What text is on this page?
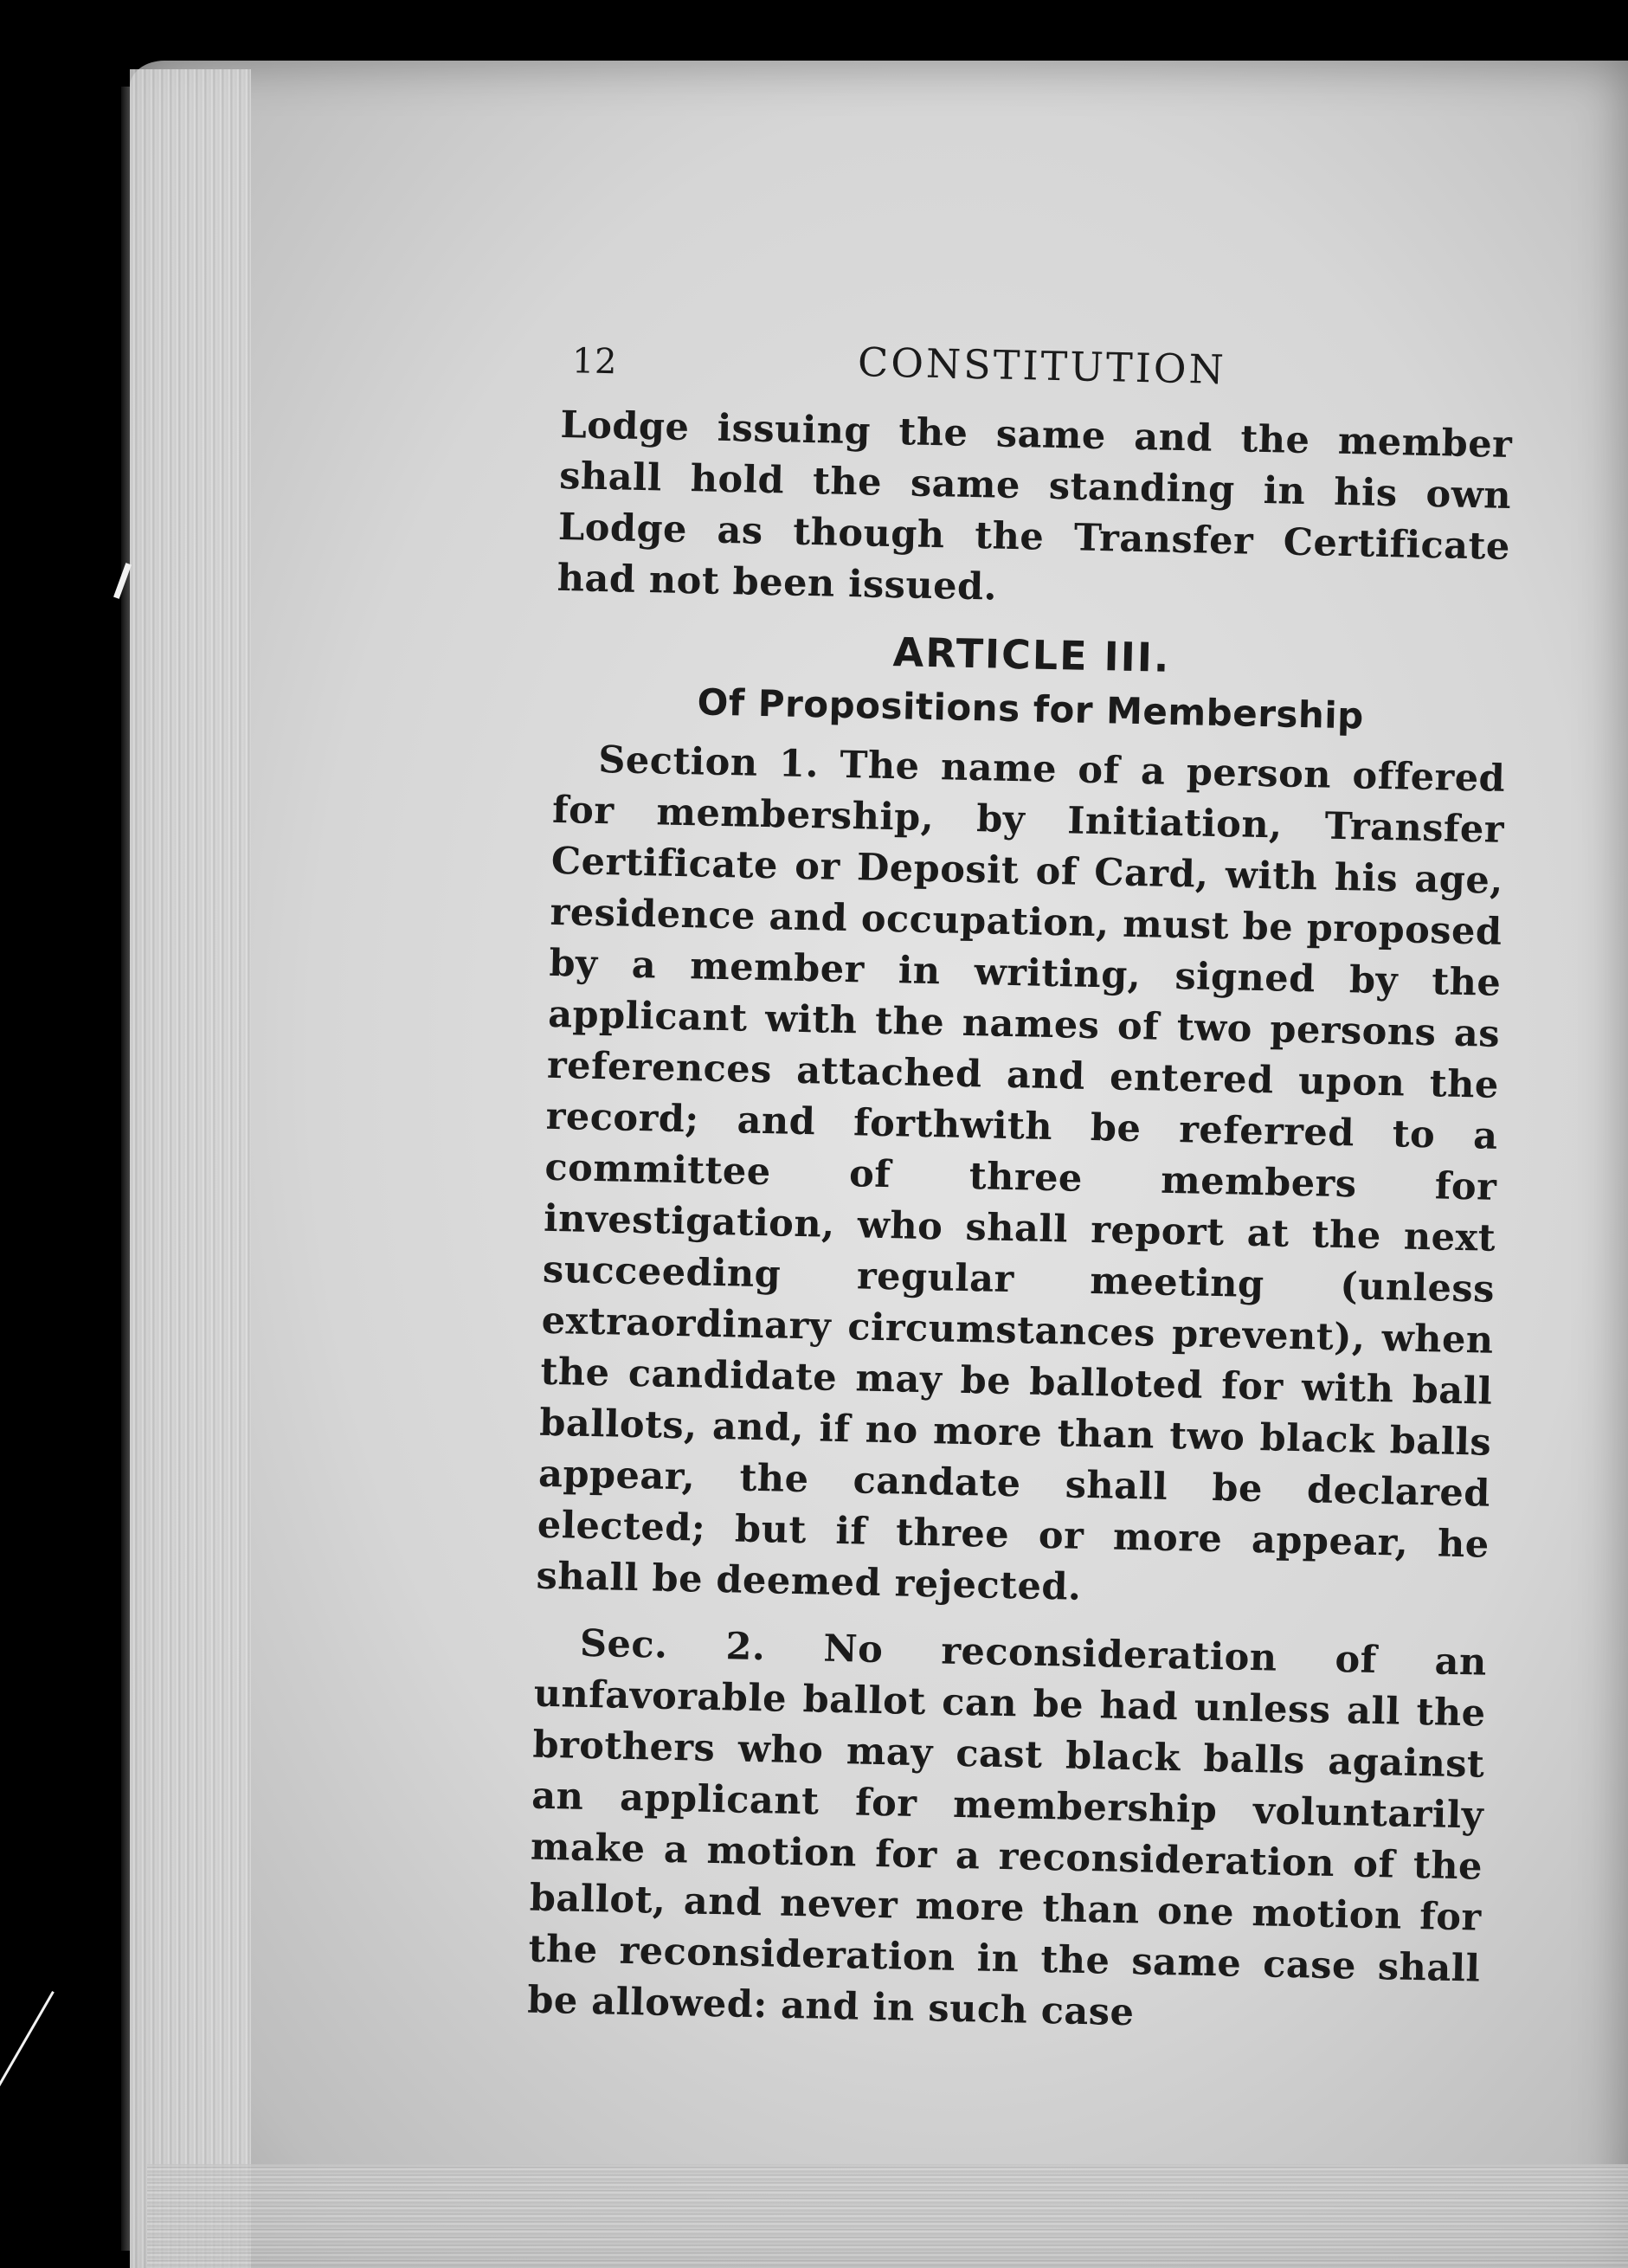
12	CONSTITUTION

Lodge issuing the same and the member shall hold the same standing in his own Lodge as though the Transfer Certificate had not been issued.

ARTICLE III.

Of Propositions for Membership

Section 1. The name of a person offered for membership, by Initiation, Transfer Certificate or Deposit of Card, with his age, residence and occupation, must be proposed by a member in writing, signed by the applicant with the names of two persons as references attached and entered upon the record; and forthwith be referred to a committee of three members for investigation, who shall report at the next succeeding regular meeting (unless extraordinary circumstances prevent), when the candidate may be balloted for with ball ballots, and, if no more than two black balls appear, the candate shall be declared elected; but if three or more appear, he shall be deemed rejected.

Sec. 2. No reconsideration of an unfavorable ballot can be had unless all the brothers who may cast black balls against an applicant for membership voluntarily make a motion for a reconsideration of the ballot, and never more than one motion for the reconsideration in the same case shall be allowed: and in such case
